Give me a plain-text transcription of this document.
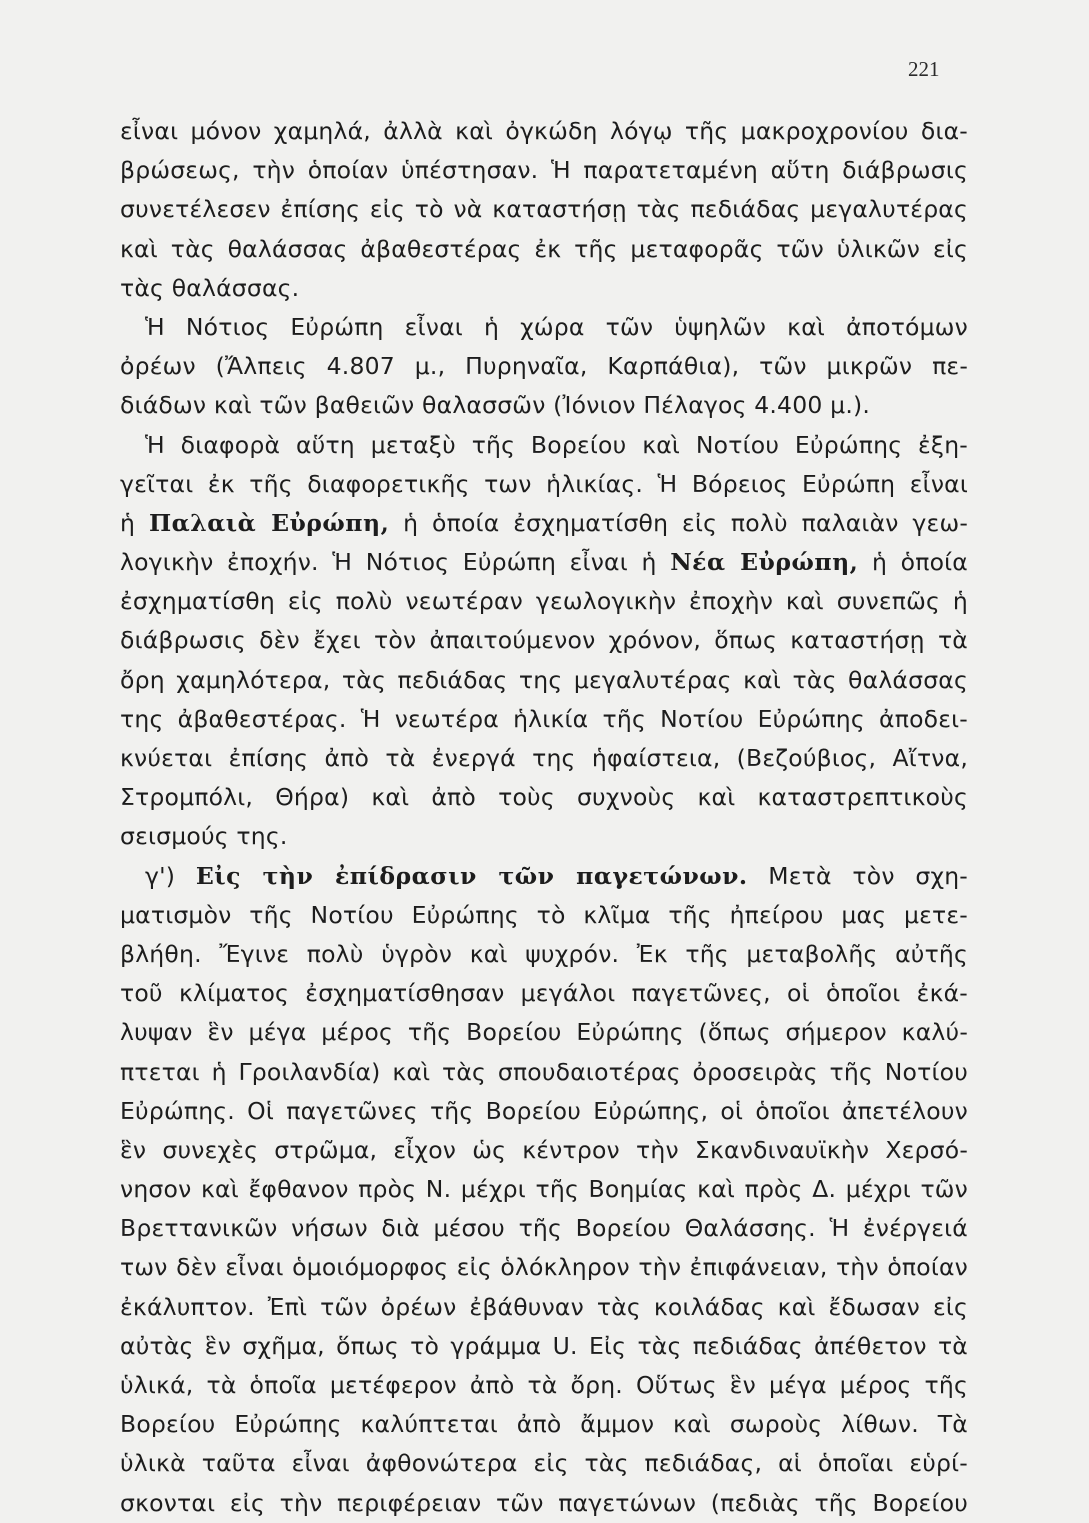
221
εἶναι μόνον χαμηλά, ἀλλὰ καὶ ὀγκώδη λόγῳ τῆς μακροχρονίου δια-
βρώσεως, τὴν ὁποίαν ὑπέστησαν. Ἡ παρατεταμένη αὕτη διάβρωσις
συνετέλεσεν ἐπίσης εἰς τὸ νὰ καταστήσῃ τὰς πεδιάδας μεγαλυτέρας
καὶ τὰς θαλάσσας ἀβαθεστέρας ἐκ τῆς μεταφορᾶς τῶν ὑλικῶν εἰς
τὰς θαλάσσας.
Ἡ Νότιος Εὐρώπη εἶναι ἡ χώρα τῶν ὑψηλῶν καὶ ἀποτόμων
ὀρέων (Ἄλπεις 4.807 μ., Πυρηναῖα, Καρπάθια), τῶν μικρῶν πε-
διάδων καὶ τῶν βαθειῶν θαλασσῶν (Ἰόνιον Πέλαγος 4.400 μ.).
Ἡ διαφορὰ αὕτη μεταξὺ τῆς Βορείου καὶ Νοτίου Εὐρώπης ἐξη-
γεῖται ἐκ τῆς διαφορετικῆς των ἡλικίας. Ἡ Βόρειος Εὐρώπη εἶναι
ἡ Παλαιὰ Εὐρώπη, ἡ ὁποία ἐσχηματίσθη εἰς πολὺ παλαιὰν γεω-
λογικὴν ἐποχήν. Ἡ Νότιος Εὐρώπη εἶναι ἡ Νέα Εὐρώπη, ἡ ὁποία
ἐσχηματίσθη εἰς πολὺ νεωτέραν γεωλογικὴν ἐποχὴν καὶ συνεπῶς ἡ
διάβρωσις δὲν ἔχει τὸν ἀπαιτούμενον χρόνον, ὅπως καταστήσῃ τὰ
ὄρη χαμηλότερα, τὰς πεδιάδας της μεγαλυτέρας καὶ τὰς θαλάσσας
της ἀβαθεστέρας. Ἡ νεωτέρα ἡλικία τῆς Νοτίου Εὐρώπης ἀποδει-
κνύεται ἐπίσης ἀπὸ τὰ ἐνεργά της ἡφαίστεια, (Βεζούβιος, Αἴτνα,
Στρομπόλι, Θήρα) καὶ ἀπὸ τοὺς συχνοὺς καὶ καταστρεπτικοὺς
σεισμούς της.
γ') Εἰς τὴν ἐπίδρασιν τῶν παγετώνων. Μετὰ τὸν σχη-
ματισμὸν τῆς Νοτίου Εὐρώπης τὸ κλῖμα τῆς ἠπείρου μας μετε-
βλήθη. Ἔγινε πολὺ ὑγρὸν καὶ ψυχρόν. Ἐκ τῆς μεταβολῆς αὐτῆς
τοῦ κλίματος ἐσχηματίσθησαν μεγάλοι παγετῶνες, οἱ ὁποῖοι ἐκά-
λυψαν ἓν μέγα μέρος τῆς Βορείου Εὐρώπης (ὅπως σήμερον καλύ-
πτεται ἡ Γροιλανδία) καὶ τὰς σπουδαιοτέρας ὀροσειρὰς τῆς Νοτίου
Εὐρώπης. Οἱ παγετῶνες τῆς Βορείου Εὐρώπης, οἱ ὁποῖοι ἀπετέλουν
ἓν συνεχὲς στρῶμα, εἶχον ὡς κέντρον τὴν Σκανδιναυϊκὴν Χερσό-
νησον καὶ ἔφθανον πρὸς Ν. μέχρι τῆς Βοημίας καὶ πρὸς Δ. μέχρι τῶν
Βρεττανικῶν νήσων διὰ μέσου τῆς Βορείου Θαλάσσης. Ἡ ἐνέργειά
των δὲν εἶναι ὁμοιόμορφος εἰς ὁλόκληρον τὴν ἐπιφάνειαν, τὴν ὁποίαν
ἐκάλυπτον. Ἐπὶ τῶν ὀρέων ἐβάθυναν τὰς κοιλάδας καὶ ἔδωσαν εἰς
αὐτὰς ἓν σχῆμα, ὅπως τὸ γράμμα U. Εἰς τὰς πεδιάδας ἀπέθετον τὰ
ὑλικά, τὰ ὁποῖα μετέφερον ἀπὸ τὰ ὄρη. Οὕτως ἓν μέγα μέρος τῆς
Βορείου Εὐρώπης καλύπτεται ἀπὸ ἄμμον καὶ σωροὺς λίθων. Τὰ
ὑλικὰ ταῦτα εἶναι ἀφθονώτερα εἰς τὰς πεδιάδας, αἱ ὁποῖαι εὑρί-
σκονται εἰς τὴν περιφέρειαν τῶν παγετώνων (πεδιὰς τῆς Βορείου
